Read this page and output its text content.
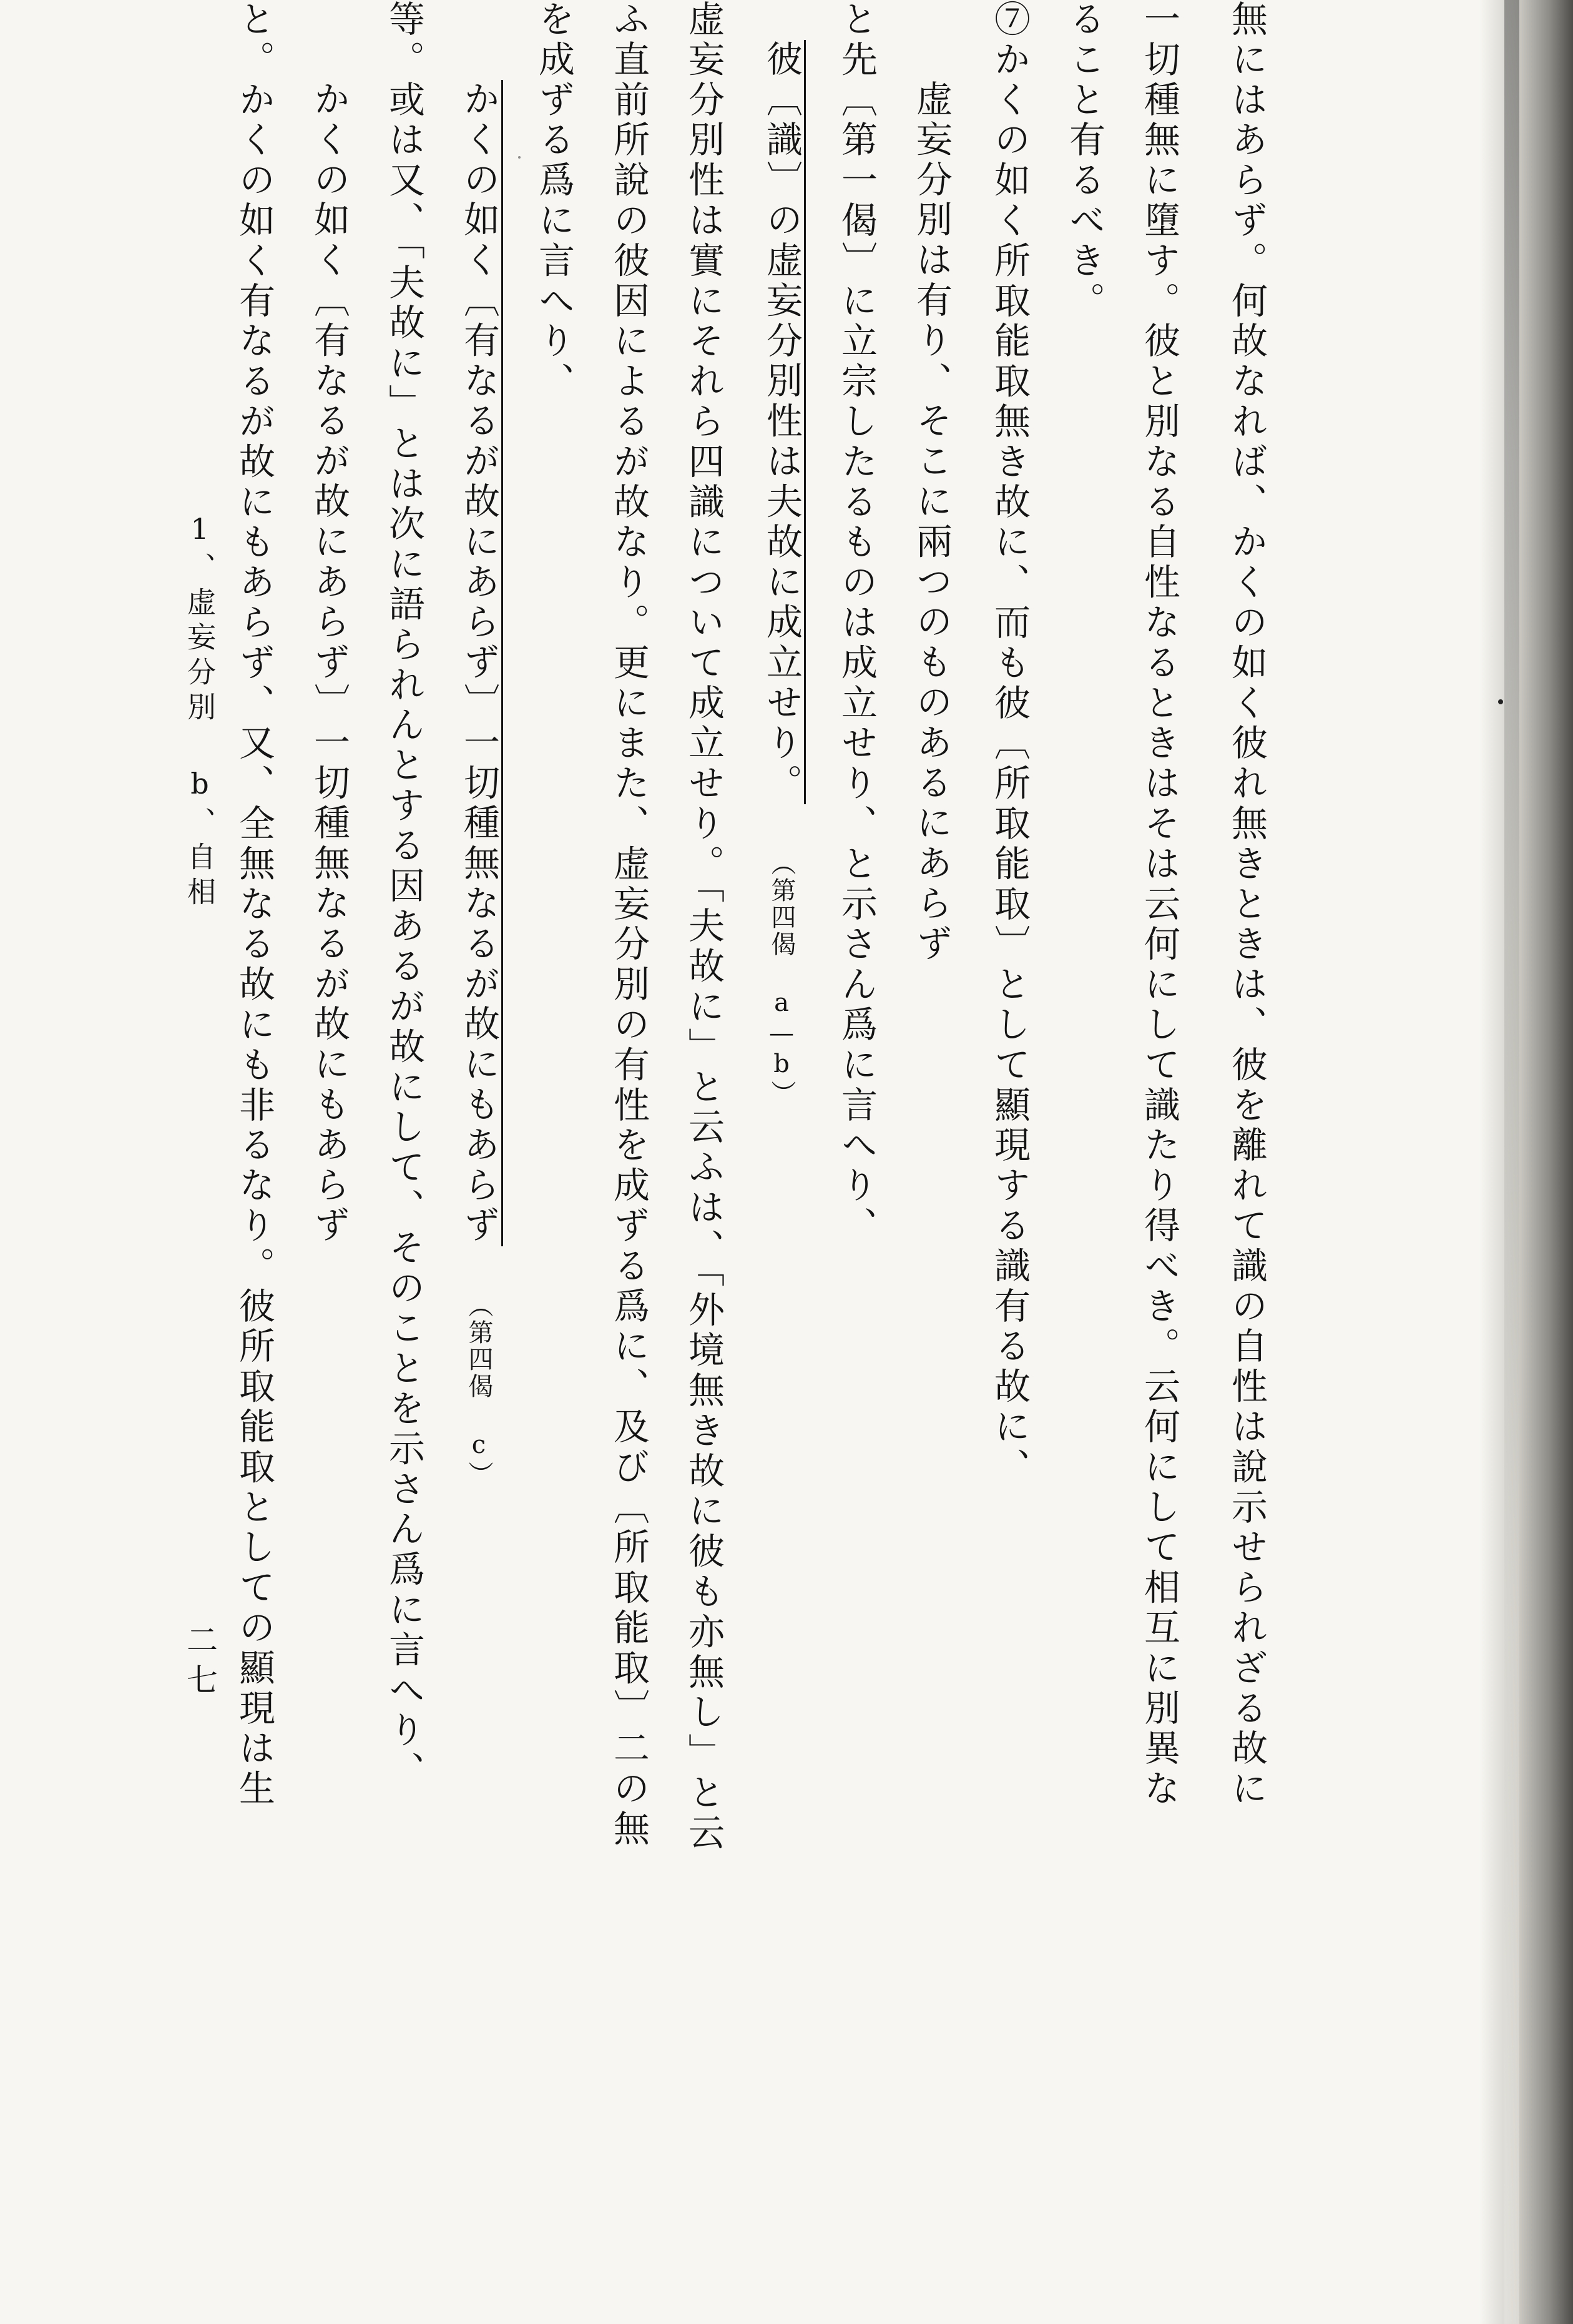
無にはあらず。何故なれば、かくの如く彼れ無きときは、彼を離れて識の自性は說示せられざる故に

一切種無に墮す。彼と別なる自性なるときはそは云何にして識たり得べき。云何にして相互に別異な

ること有るべき。

⑦かくの如く所取能取無き故に、而も彼〔所取能取〕として顯現する識有る故に、

虚妄分別は有り、そこに兩つのものあるにあらず

と先〔第一偈〕に立宗したるものは成立せり、と示さん爲に言へり、

彼〔識〕の虚妄分別性は夫故に成立せり。 （第四偈 a—b）

虚妄分別性は實にそれら四識について成立せり。「夫故に」と云ふは、「外境無き故に彼も亦無し」と云

ふ直前所說の彼因によるが故なり。更にまた、虚妄分別の有性を成ずる爲に、及び〔所取能取〕二の無

を成ずる爲に言へり、

かくの如く〔有なるが故にあらず〕一切種無なるが故にもあらず （第四偈 c）

等。或は又、「夫故に」とは次に語られんとする因あるが故にして、そのことを示さん爲に言へり、

かくの如く〔有なるが故にあらず〕一切種無なるが故にもあらず

と。かくの如く有なるが故にもあらず、又、全無なる故にも非るなり。彼所取能取としての顯現は生

1、虚妄分別 b、自相
二七
